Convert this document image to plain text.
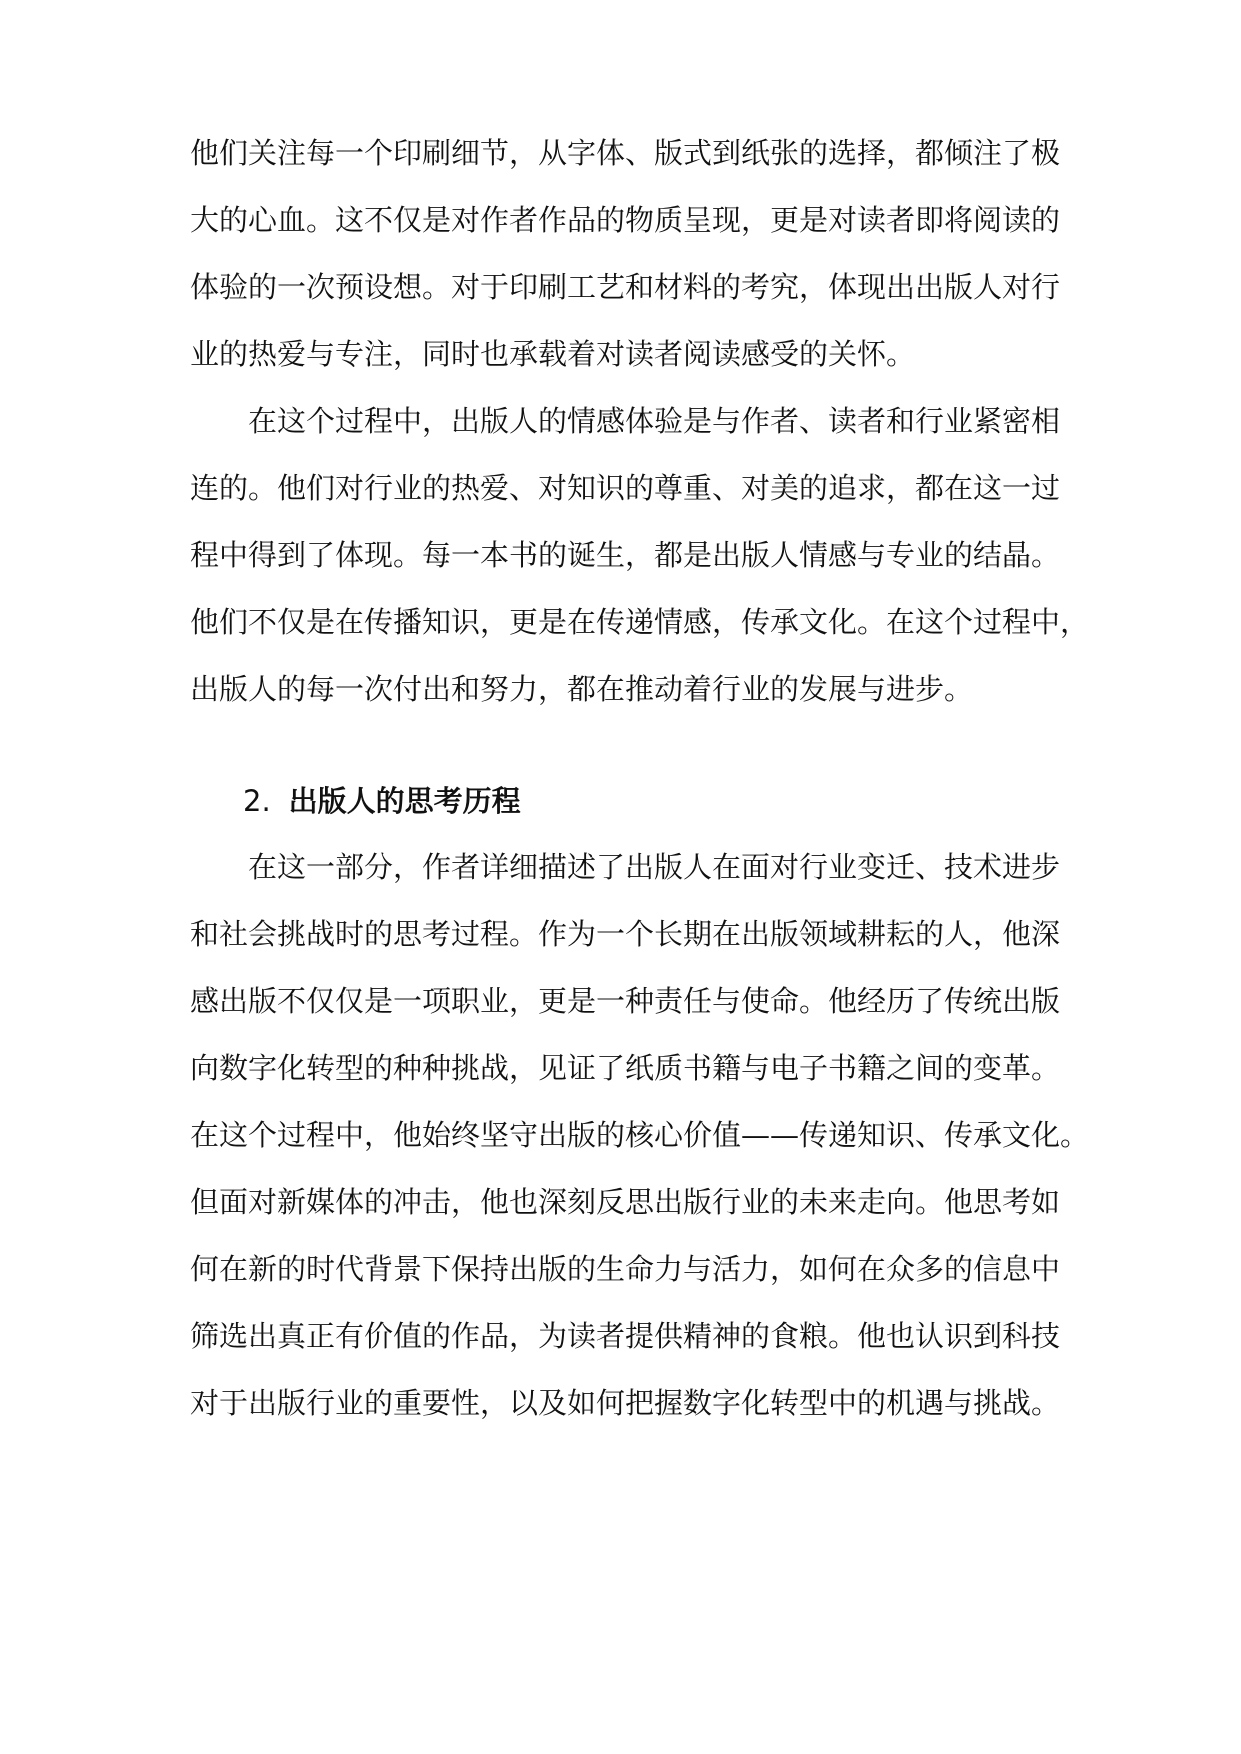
他们关注每一个印刷细节，从字体、版式到纸张的选择，都倾注了极
大的心血。这不仅是对作者作品的物质呈现，更是对读者即将阅读的
体验的一次预设想。对于印刷工艺和材料的考究，体现出出版人对行
业的热爱与专注，同时也承载着对读者阅读感受的关怀。
在这个过程中，出版人的情感体验是与作者、读者和行业紧密相
连的。他们对行业的热爱、对知识的尊重、对美的追求，都在这一过
程中得到了体现。每一本书的诞生，都是出版人情感与专业的结晶。
他们不仅是在传播知识，更是在传递情感，传承文化。在这个过程中，
出版人的每一次付出和努力，都在推动着行业的发展与进步。
2. 出版人的思考历程
在这一部分，作者详细描述了出版人在面对行业变迁、技术进步
和社会挑战时的思考过程。作为一个长期在出版领域耕耘的人，他深
感出版不仅仅是一项职业，更是一种责任与使命。他经历了传统出版
向数字化转型的种种挑战，见证了纸质书籍与电子书籍之间的变革。
在这个过程中，他始终坚守出版的核心价值——传递知识、传承文化。
但面对新媒体的冲击，他也深刻反思出版行业的未来走向。他思考如
何在新的时代背景下保持出版的生命力与活力，如何在众多的信息中
筛选出真正有价值的作品，为读者提供精神的食粮。他也认识到科技
对于出版行业的重要性，以及如何把握数字化转型中的机遇与挑战。
